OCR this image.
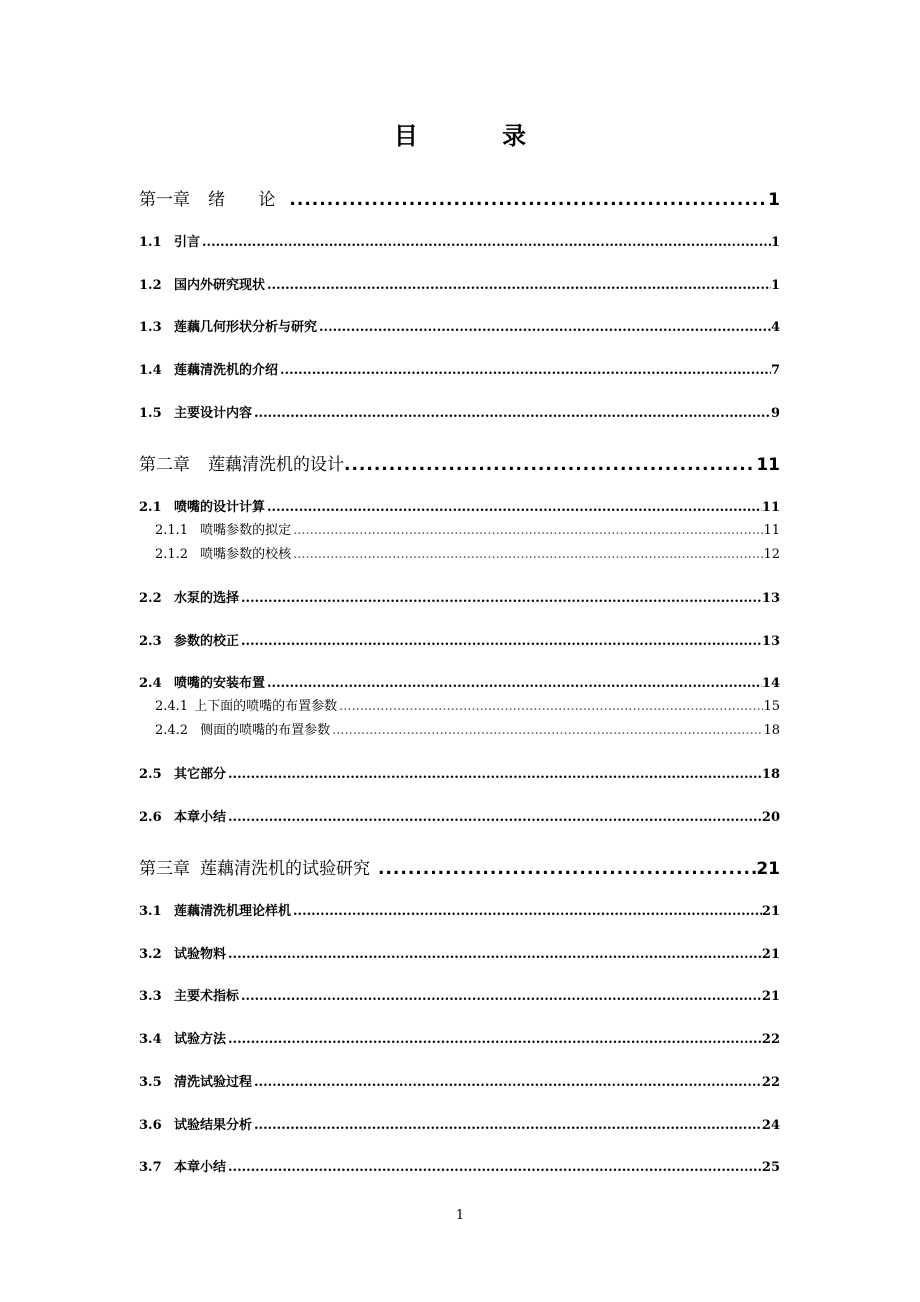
目 录
第一章 绪 论 .....	1
1.1 引言 .....	1
1.2 国内外研究现状 .....	1
1.3 莲藕几何形状分析与研究 .....	4
1.4 莲藕清洗机的介绍 .....	7
1.5 主要设计内容 .....	9
第二章 莲藕清洗机的设计 .....	11
2.1 喷嘴的设计计算 .....	11
2.1.1 喷嘴参数的拟定 .....	11
2.1.2 喷嘴参数的校核 .....	12
2.2 水泵的选择 .....	13
2.3 参数的校正 .....	13
2.4 喷嘴的安装布置 .....	14
2.4.1 上下面的喷嘴的布置参数 .....	15
2.4.2 侧面的喷嘴的布置参数 .....	18
2.5 其它部分 .....	18
2.6 本章小结 .....	20
第三章 莲藕清洗机的试验研究 .....	21
3.1 莲藕清洗机理论样机 .....	21
3.2 试验物料 .....	21
3.3 主要术指标 .....	21
3.4 试验方法 .....	22
3.5 清洗试验过程 .....	22
3.6 试验结果分析 .....	24
3.7 本章小结 .....	25
1
